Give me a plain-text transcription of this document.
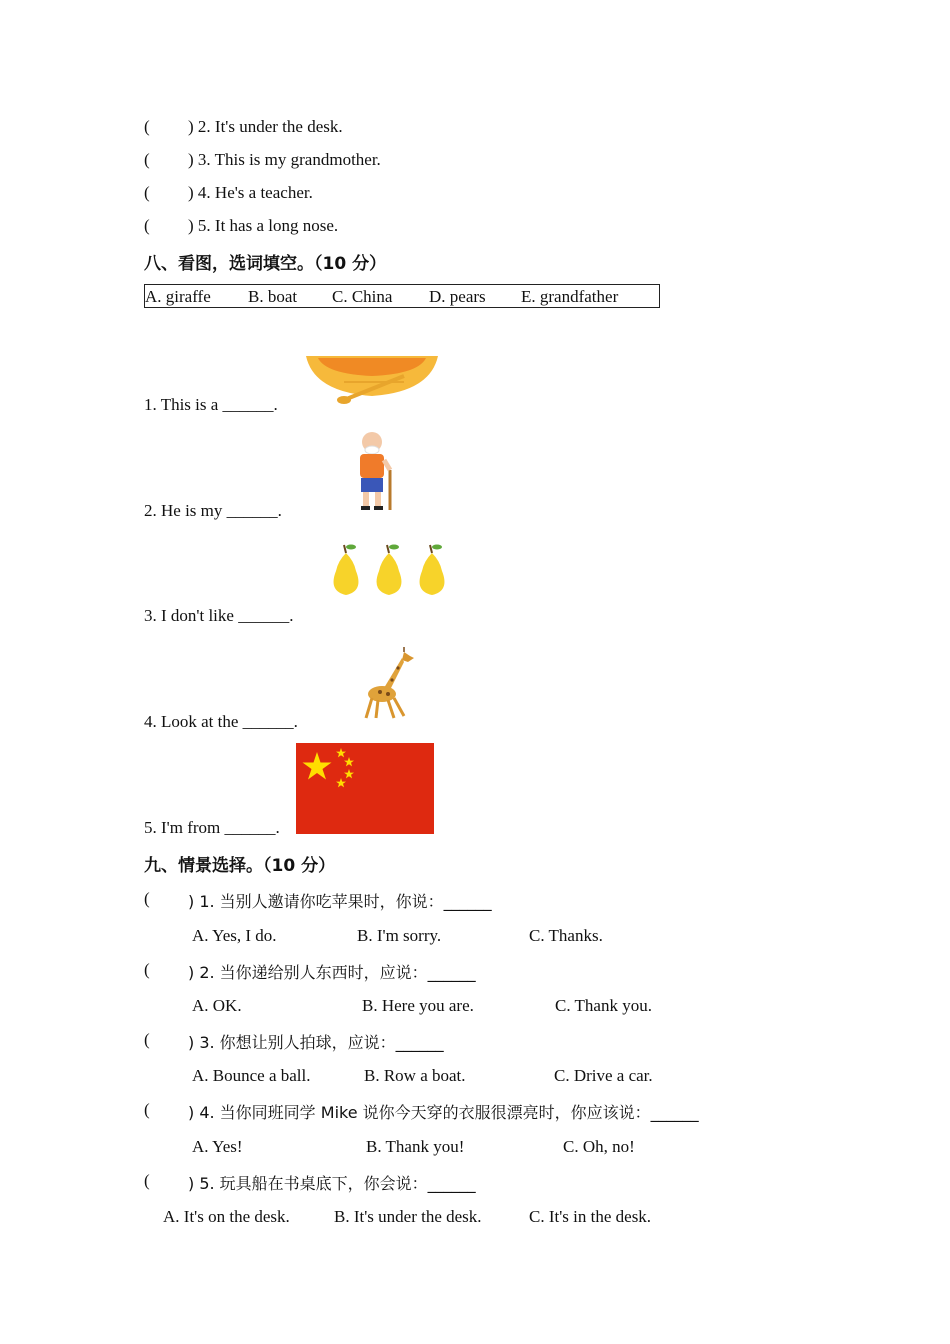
( ) 2. It's under the desk.
( ) 3. This is my grandmother.
( ) 4. He's a teacher.
( ) 5. It has a long nose.
八、看图，选词填空。（10 分）
A. giraffe B. boat C. China D. pears E. grandfather
1. This is a ______.
2. He is my ______.
3. I don't like ______.
4. Look at the ______.
5. I'm from ______.
九、情景选择。（10 分）
( ) 1. 当别人邀请你吃苹果时，你说：______
A. Yes, I do.	B. I'm sorry.	C. Thanks.
( ) 2. 当你递给别人东西时，应说：______
A. OK.	B. Here you are.	C. Thank you.
( ) 3. 你想让别人拍球，应说：______
A. Bounce a ball.	B. Row a boat.	C. Drive a car.
( ) 4. 当你同班同学 Mike 说你今天穿的衣服很漂亮时，你应该说：______
A. Yes!	B. Thank you!	C. Oh, no!
( ) 5. 玩具船在书桌底下，你会说：______
A. It's on the desk.	B. It's under the desk.	C. It's in the desk.
